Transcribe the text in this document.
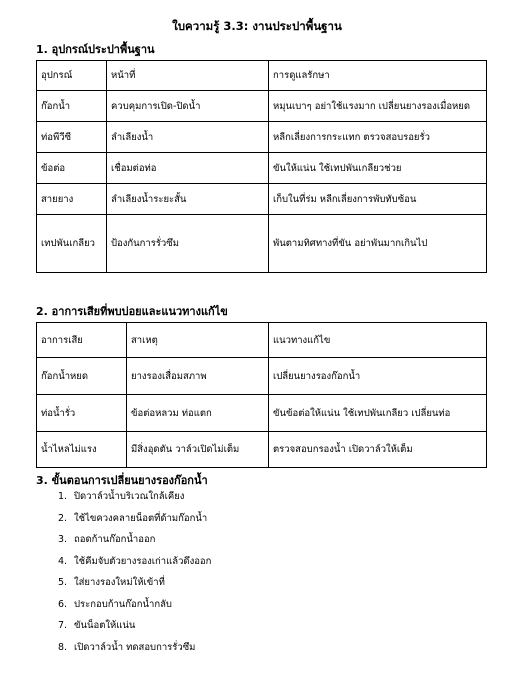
ใบความรู้ 3.3: งานประปาพื้นฐาน
1. อุปกรณ์ประปาพื้นฐาน
อุปกรณ์	หน้าที่	การดูแลรักษา
ก๊อกน้ำ	ควบคุมการเปิด-ปิดน้ำ	หมุนเบาๆ อย่าใช้แรงมาก เปลี่ยนยางรองเมื่อหยด
ท่อพีวีซี	ลำเลียงน้ำ	หลีกเลี่ยงการกระแทก ตรวจสอบรอยรั่ว
ข้อต่อ	เชื่อมต่อท่อ	ขันให้แน่น ใช้เทปพันเกลียวช่วย
สายยาง	ลำเลียงน้ำระยะสั้น	เก็บในที่ร่ม หลีกเลี่ยงการพับทับซ้อน
เทปพันเกลียว	ป้องกันการรั่วซึม	พันตามทิศทางที่ขัน อย่าพันมากเกินไป
2. อาการเสียที่พบบ่อยและแนวทางแก้ไข
อาการเสีย	สาเหตุ	แนวทางแก้ไข
ก๊อกน้ำหยด	ยางรองเสื่อมสภาพ	เปลี่ยนยางรองก๊อกน้ำ
ท่อน้ำรั่ว	ข้อต่อหลวม ท่อแตก	ขันข้อต่อให้แน่น ใช้เทปพันเกลียว เปลี่ยนท่อ
น้ำไหลไม่แรง	มีสิ่งอุดตัน วาล์วเปิดไม่เต็ม	ตรวจสอบกรองน้ำ เปิดวาล์วให้เต็ม
3. ขั้นตอนการเปลี่ยนยางรองก๊อกน้ำ
1. ปิดวาล์วน้ำบริเวณใกล้เคียง
2. ใช้ไขควงคลายน็อตที่ด้ามก๊อกน้ำ
3. ถอดก้านก๊อกน้ำออก
4. ใช้คีมจับตัวยางรองเก่าแล้วดึงออก
5. ใส่ยางรองใหม่ให้เข้าที่
6. ประกอบก้านก๊อกน้ำกลับ
7. ขันน็อตให้แน่น
8. เปิดวาล์วน้ำ ทดสอบการรั่วซึม
